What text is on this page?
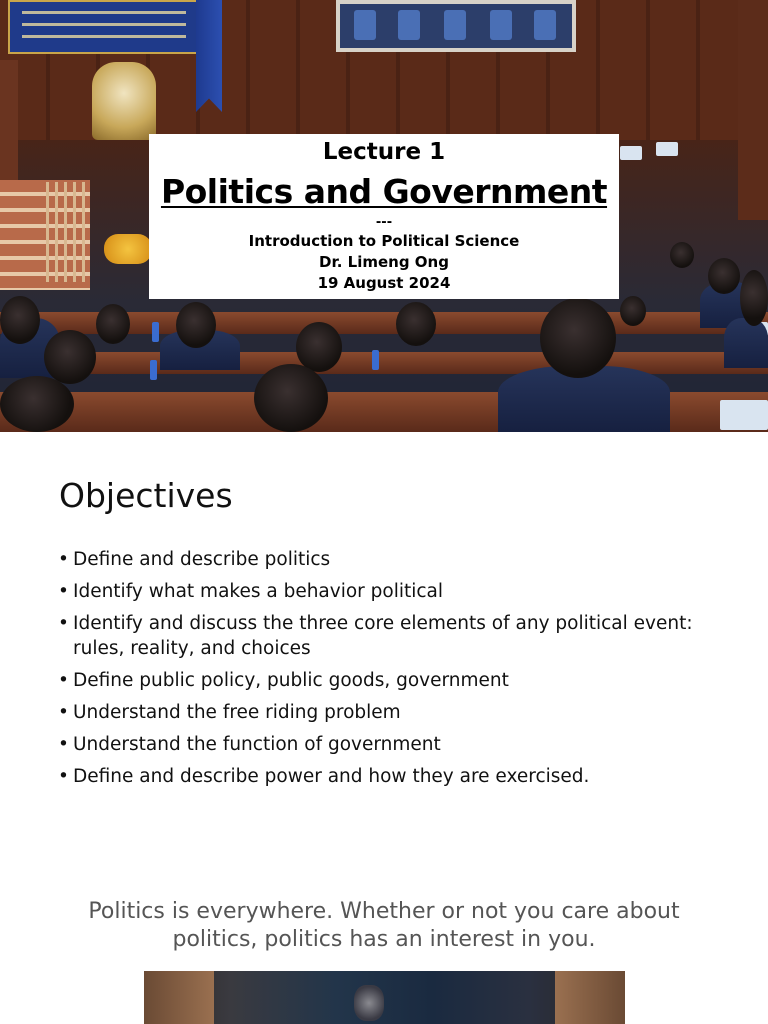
Lecture 1
Politics and Government
---
Introduction to Political Science
Dr. Limeng Ong
19 August 2024
Objectives
• Define and describe politics
• Identify what makes a behavior political
• Identify and discuss the three core elements of any political event: rules, reality, and choices
• Define public policy, public goods, government
• Understand the free riding problem
• Understand the function of government
• Define and describe power and how they are exercised.
Politics is everywhere. Whether or not you care about politics, politics has an interest in you.
